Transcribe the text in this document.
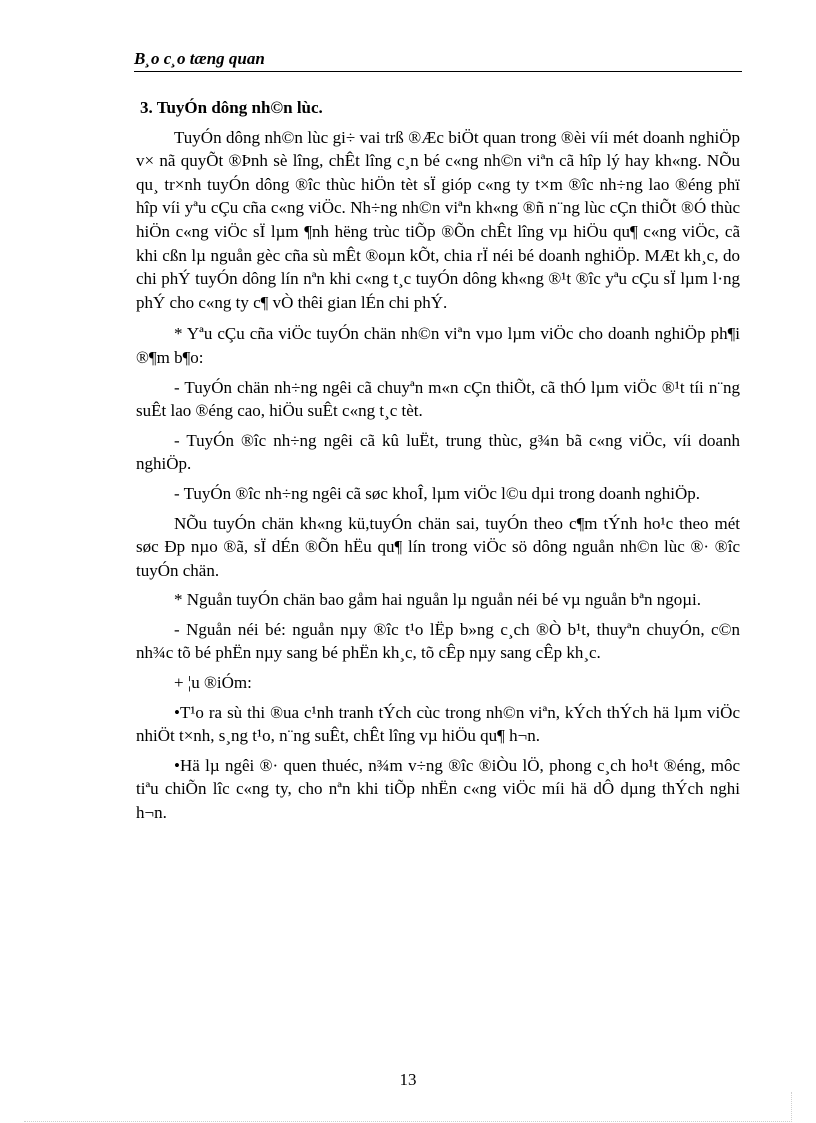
B¸o c¸o tæng quan

3. TuyÓn dông nh©n lùc.

TuyÓn dông nh©n lùc gi÷ vai trß ®Æc biÖt quan trong ®èi víi mét doanh nghiÖp v× nã quyÕt ®Þnh sè lîng, chÊt lîng c¸n bé c«ng nh©n viªn cã hîp lý hay kh«ng. NÕu qu¸ tr×nh tuyÓn dông ®îc thùc hiÖn tèt sÏ gióp c«ng ty t×m ®îc nh÷ng lao ®éng phï hîp víi yªu cÇu cña c«ng viÖc. Nh÷ng nh©n viªn kh«ng ®ñ n¨ng lùc cÇn thiÕt ®Ó thùc hiÖn c«ng viÖc sÏ lµm ¶nh hëng trùc tiÕp ®Õn chÊt lîng vµ hiÖu qu¶ c«ng viÖc, cã khi cßn lµ nguån gèc cña sù mÊt ®oµn kÕt, chia rÏ néi bé doanh nghiÖp. MÆt kh¸c, do chi phÝ tuyÓn dông lín nªn khi c«ng t¸c tuyÓn dông kh«ng ®¹t ®îc yªu cÇu sÏ lµm l·ng phÝ cho c«ng ty c¶ vÒ thêi gian lÉn chi phÝ.

* Yªu cÇu cña viÖc tuyÓn chän nh©n viªn vµo lµm viÖc cho doanh nghiÖp ph¶i ®¶m b¶o:

- TuyÓn chän nh÷ng ngêi cã chuyªn m«n cÇn thiÕt, cã thÓ lµm viÖc ®¹t tíi n¨ng suÊt lao ®éng cao, hiÖu suÊt c«ng t¸c tèt.

- TuyÓn ®îc nh÷ng ngêi cã kû luËt, trung thùc, g¾n bã c«ng viÖc, víi doanh nghiÖp.

- TuyÓn ®îc nh÷ng ngêi cã søc khoÎ, lµm viÖc l©u dµi trong doanh nghiÖp.

NÕu tuyÓn chän kh«ng kü,tuyÓn chän sai, tuyÓn theo c¶m tÝnh ho¹c theo mét søc Ðp nµo ®ã, sÏ dÉn ®Õn hËu qu¶ lín trong viÖc sö dông nguån nh©n lùc ®· ®îc tuyÓn chän.

* Nguån tuyÓn chän bao gåm hai nguån lµ nguån néi bé vµ nguån bªn ngoµi.

- Nguån néi bé: nguån nµy ®îc t¹o lËp b»ng c¸ch ®Ò b¹t, thuyªn chuyÓn, c©n nh¾c tõ bé phËn nµy sang bé phËn kh¸c, tõ cÊp nµy sang cÊp kh¸c.

+ ¦u ®iÓm:

•T¹o ra sù thi ®ua c¹nh tranh tÝch cùc trong nh©n viªn, kÝch thÝch hä lµm viÖc nhiÖt t×nh, s¸ng t¹o, n¨ng suÊt, chÊt lîng vµ hiÖu qu¶ h¬n.

•Hä lµ ngêi ®· quen thuéc, n¾m v÷ng ®îc ®iÒu lÖ, phong c¸ch ho¹t ®éng, môc tiªu chiÕn lîc c«ng ty, cho nªn khi tiÕp nhËn c«ng viÖc míi hä dÔ dµng thÝch nghi h¬n.

13
